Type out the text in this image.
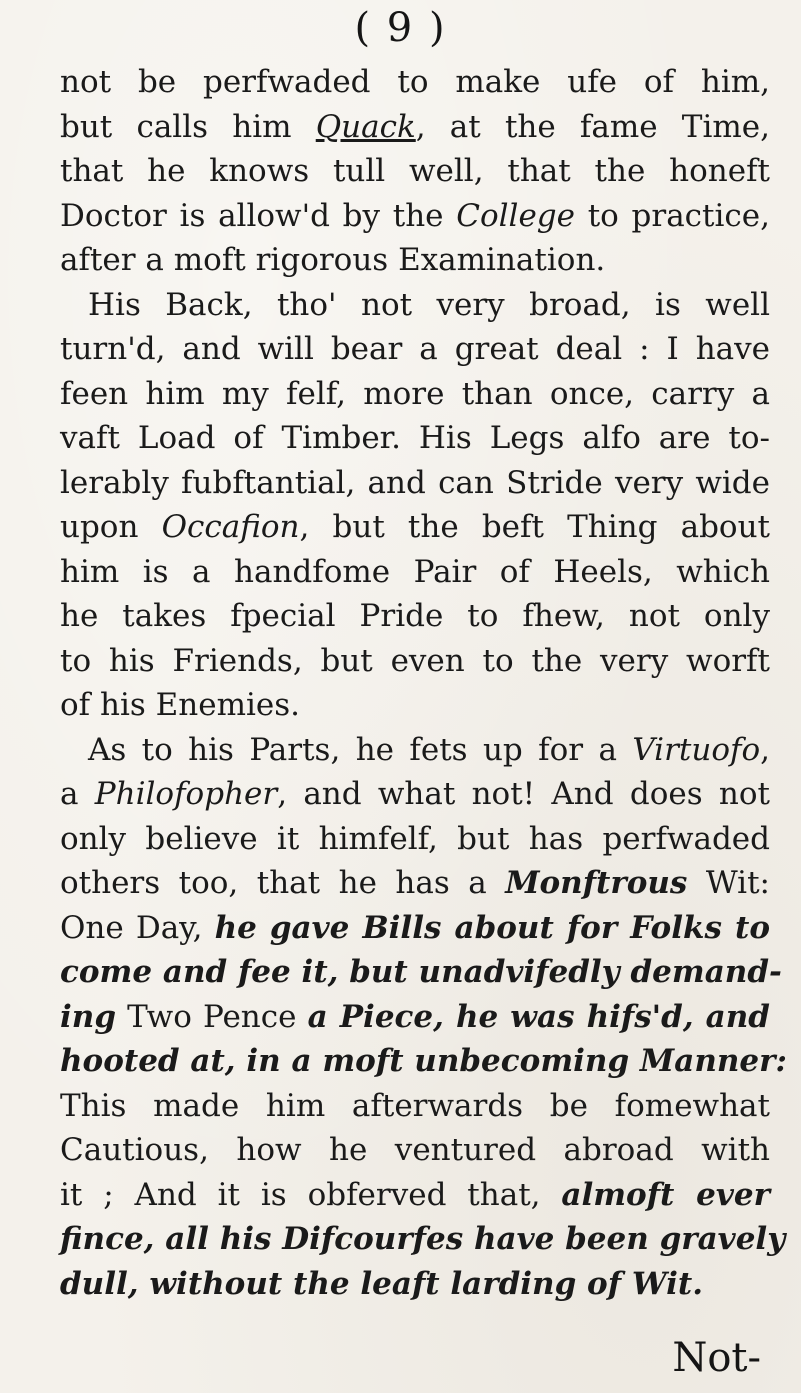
( 9 )
not be perfwaded to make ufe of him,
but calls him Quack, at the fame Time,
that he knows tull well, that the honeft
Doctor is allow'd by the College to practice,
after a moft rigorous Examination.
His Back, tho' not very broad, is well
turn'd, and will bear a great deal : I have
feen him my felf, more than once, carry a
vaft Load of Timber. His Legs alfo are to-
lerably fubftantial, and can Stride very wide
upon Occafion, but the beft Thing about
him is a handfome Pair of Heels, which
he takes fpecial Pride to fhew, not only
to his Friends, but even to the very worft
of his Enemies.
As to his Parts, he fets up for a Virtuofo,
a Philofopher, and what not! And does not
only believe it himfelf, but has perfwaded
others too, that he has a Monftrous Wit:
One Day, he gave Bills about for Folks to
come and fee it, but unadvifedly demand-
ing Two Pence a Piece, he was hifs'd, and
hooted at, in a moft unbecoming Manner:
This made him afterwards be fomewhat
Cautious, how he ventured abroad with
it ; And it is obferved that, almoft ever
fince, all his Difcourfes have been gravely
dull, without the leaft larding of Wit.
Not-
